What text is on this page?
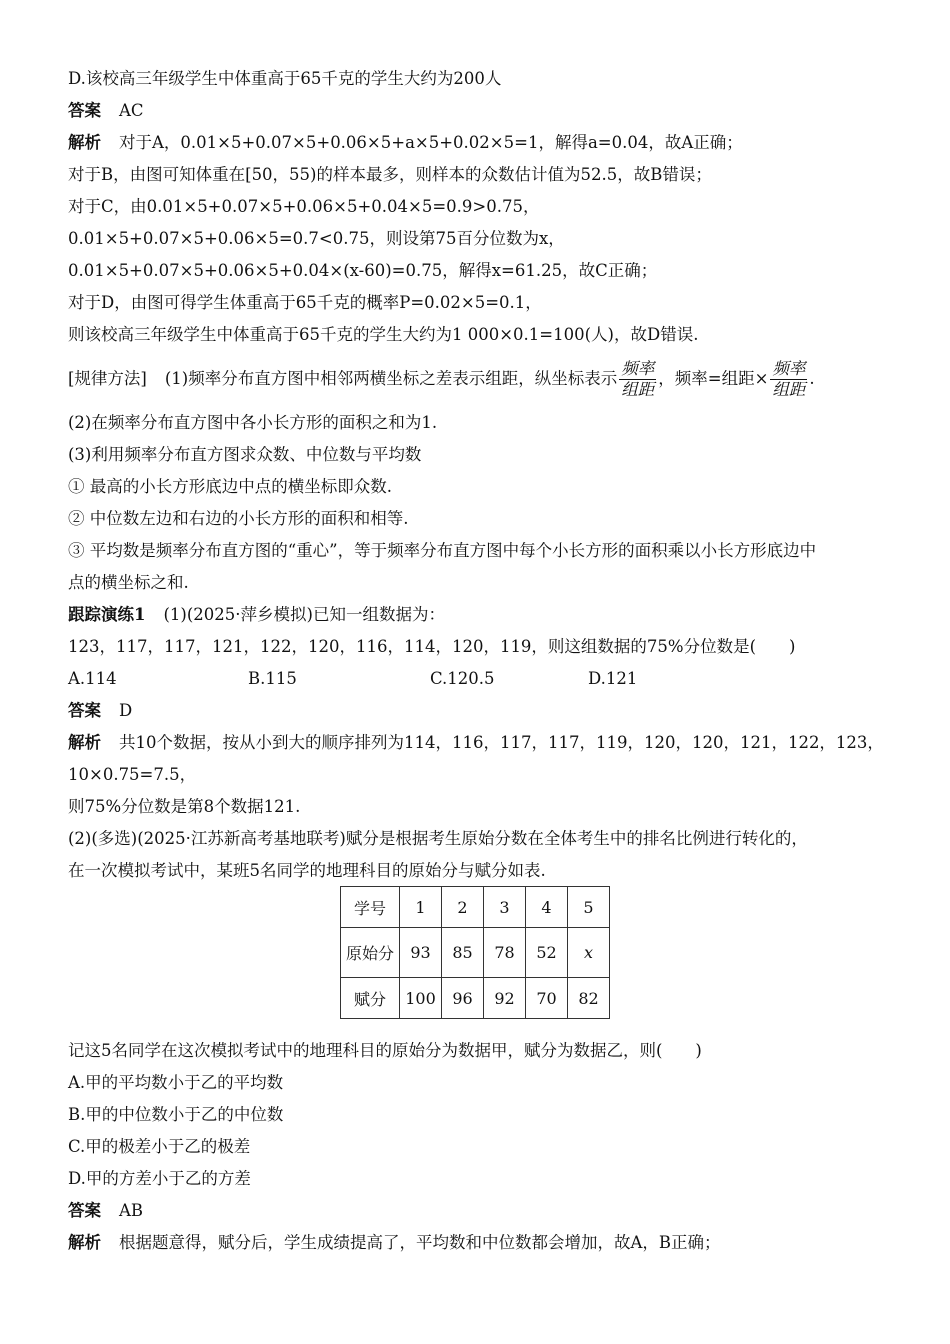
D.该校高三年级学生中体重高于65千克的学生大约为200人
答案 AC
解析 对于A，0.01×5+0.07×5+0.06×5+a×5+0.02×5=1，解得a=0.04，故A正确；
对于B，由图可知体重在[50，55)的样本最多，则样本的众数估计值为52.5，故B错误；
对于C，由0.01×5+0.07×5+0.06×5+0.04×5=0.9>0.75，
0.01×5+0.07×5+0.06×5=0.7<0.75，则设第75百分位数为x，
0.01×5+0.07×5+0.06×5+0.04×(x-60)=0.75，解得x=61.25，故C正确；
对于D，由图可得学生体重高于65千克的概率P=0.02×5=0.1，
则该校高三年级学生中体重高于65千克的学生大约为1 000×0.1=100(人)，故D错误.
[规律方法] (1)频率分布直方图中相邻两横坐标之差表示组距，纵坐标表示 $\frac{\text{频率}}{\text{组距}}$ ，频率=组距× $\frac{\text{频率}}{\text{组距}}$ .
(2)在频率分布直方图中各小长方形的面积之和为1.
(3)利用频率分布直方图求众数、中位数与平均数
① 最高的小长方形底边中点的横坐标即众数.
② 中位数左边和右边的小长方形的面积和相等.
③ 平均数是频率分布直方图的“重心”，等于频率分布直方图中每个小长方形的面积乘以小长方形底边中
点的横坐标之和.
跟踪演练1 (1)(2025·萍乡模拟)已知一组数据为：
123，117，117，121，122，120，116，114，120，119，则这组数据的75%分位数是(　　)
A.114	B.115	C.120.5	D.121
答案 D
解析 共10个数据，按从小到大的顺序排列为114，116，117，117，119，120，120，121，122，123，
10×0.75=7.5，
则75%分位数是第8个数据121.
(2)(多选)(2025·江苏新高考基地联考)赋分是根据考生原始分数在全体考生中的排名比例进行转化的，
在一次模拟考试中，某班5名同学的地理科目的原始分与赋分如表.
学号	1	2	3	4	5
原始分	93	85	78	52	x
赋分	100	96	92	70	82
记这5名同学在这次模拟考试中的地理科目的原始分为数据甲，赋分为数据乙，则(　　)
A.甲的平均数小于乙的平均数
B.甲的中位数小于乙的中位数
C.甲的极差小于乙的极差
D.甲的方差小于乙的方差
答案 AB
解析 根据题意得，赋分后，学生成绩提高了，平均数和中位数都会增加，故A，B正确；
